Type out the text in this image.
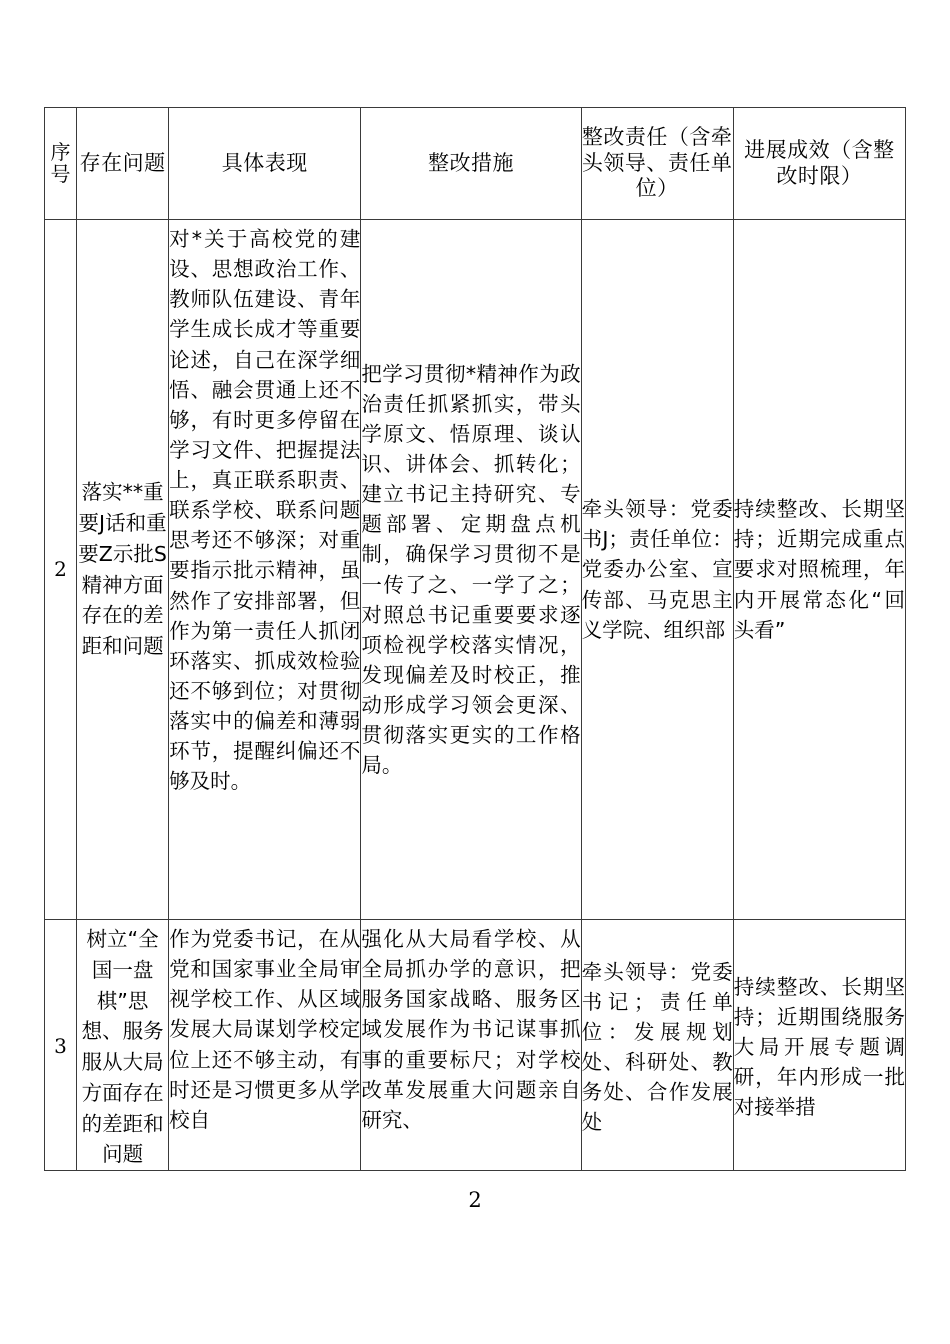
序号	存在问题	具体表现	整改措施	整改责任（含牵头领导、责任单位）	进展成效（含整改时限）
2	落实**重要J话和重要Z示批S精神方面存在的差距和问题	对*关于高校党的建设、思想政治工作、教师队伍建设、青年学生成长成才等重要论述，自己在深学细悟、融会贯通上还不够，有时更多停留在学习文件、把握提法上，真正联系职责、联系学校、联系问题思考还不够深；对重要指示批示精神，虽然作了安排部署，但作为第一责任人抓闭环落实、抓成效检验还不够到位；对贯彻落实中的偏差和薄弱环节，提醒纠偏还不够及时。	把学习贯彻*精神作为政治责任抓紧抓实，带头学原文、悟原理、谈认识、讲体会、抓转化；建立书记主持研究、专题部署、定期盘点机制，确保学习贯彻不是一传了之、一学了之；对照总书记重要要求逐项检视学校落实情况，发现偏差及时校正，推动形成学习领会更深、贯彻落实更实的工作格局。	牵头领导：党委书J；责任单位：党委办公室、宣传部、马克思主义学院、组织部	持续整改、长期坚持；近期完成重点要求对照梳理，年内开展常态化“回头看”
3	树立“全国一盘棋”思想、服务服从大局方面存在的差距和问题	作为党委书记，在从党和国家事业全局审视学校工作、从区域发展大局谋划学校定位上还不够主动，有时还是习惯更多从学校自	强化从大局看学校、从全局抓办学的意识，把服务国家战略、服务区域发展作为书记谋事抓事的重要标尺；对学校改革发展重大问题亲自研究、	牵头领导：党委书记；责任单位：发展规划处、科研处、教务处、合作发展处	持续整改、长期坚持；近期围绕服务大局开展专题调研，年内形成一批对接举措
2
